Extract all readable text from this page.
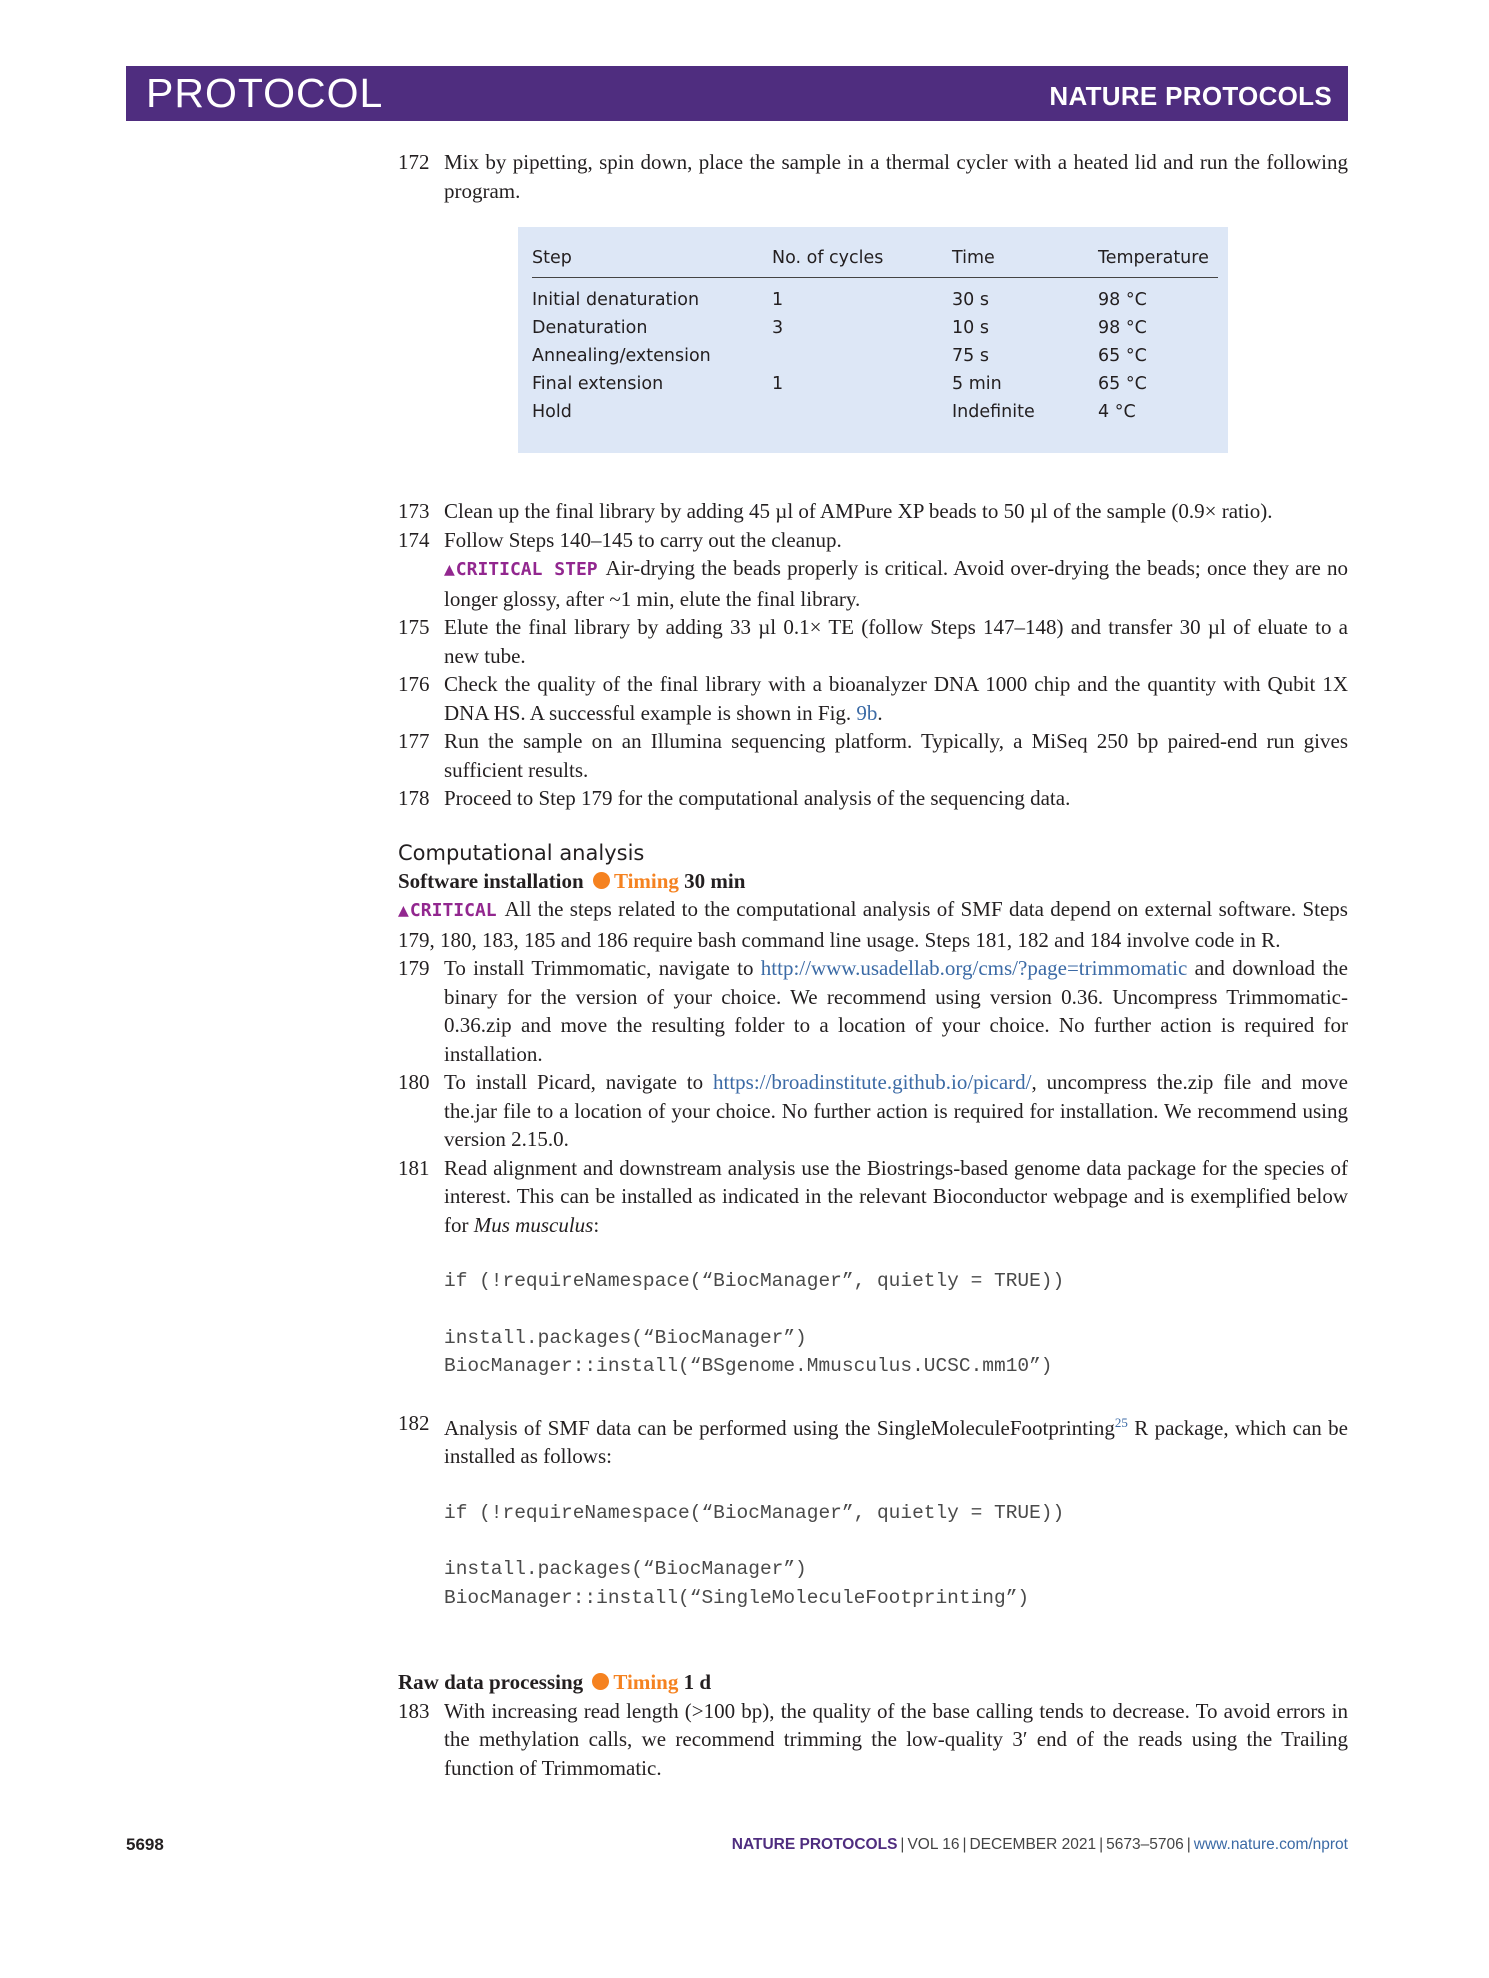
PROTOCOL	NATURE PROTOCOLS
172 Mix by pipetting, spin down, place the sample in a thermal cycler with a heated lid and run the following program.
Step	No. of cycles	Time	Temperature
Initial denaturation	1	30 s	98 °C
Denaturation	3	10 s	98 °C
Annealing/extension		75 s	65 °C
Final extension	1	5 min	65 °C
Hold		Indefinite	4 °C
173 Clean up the final library by adding 45 µl of AMPure XP beads to 50 µl of the sample (0.9× ratio).
174 Follow Steps 140–145 to carry out the cleanup.
▲CRITICAL STEP Air-drying the beads properly is critical. Avoid over-drying the beads; once they are no longer glossy, after ~1 min, elute the final library.
175 Elute the final library by adding 33 µl 0.1× TE (follow Steps 147–148) and transfer 30 µl of eluate to a new tube.
176 Check the quality of the final library with a bioanalyzer DNA 1000 chip and the quantity with Qubit 1X DNA HS. A successful example is shown in Fig. 9b.
177 Run the sample on an Illumina sequencing platform. Typically, a MiSeq 250 bp paired-end run gives sufficient results.
178 Proceed to Step 179 for the computational analysis of the sequencing data.
Computational analysis
Software installation Timing 30 min

▲CRITICAL All the steps related to the computational analysis of SMF data depend on external software. Steps 179, 180, 183, 185 and 186 require bash command line usage. Steps 181, 182 and 184 involve code in R.

179 To install Trimmomatic, navigate to http://www.usadellab.org/cms/?page=trimmomatic and download the binary for the version of your choice. We recommend using version 0.36. Uncompress Trimmomatic-0.36.zip and move the resulting folder to a location of your choice. No further action is required for installation.
180 To install Picard, navigate to https://broadinstitute.github.io/picard/, uncompress the.zip file and move the.jar file to a location of your choice. No further action is required for installation. We recommend using version 2.15.0.
181 Read alignment and downstream analysis use the Biostrings-based genome data package for the species of interest. This can be installed as indicated in the relevant Bioconductor webpage and is exemplified below for Mus musculus:
if (!requireNamespace(“BiocManager”, quietly = TRUE))
install.packages(“BiocManager”)
BiocManager::install(“BSgenome.Mmusculus.UCSC.mm10”)
182 Analysis of SMF data can be performed using the SingleMoleculeFootprinting$^{25}$ R package, which can be installed as follows:
if (!requireNamespace(“BiocManager”, quietly = TRUE))
install.packages(“BiocManager”)
BiocManager::install(“SingleMoleculeFootprinting”)
Raw data processing Timing 1 d
183 With increasing read length (>100 bp), the quality of the base calling tends to decrease. To avoid errors in the methylation calls, we recommend trimming the low-quality 3′ end of the reads using the Trailing function of Trimmomatic.
5698	NATURE PROTOCOLS | VOL 16 | DECEMBER 2021 | 5673–5706 | www.nature.com/nprot
